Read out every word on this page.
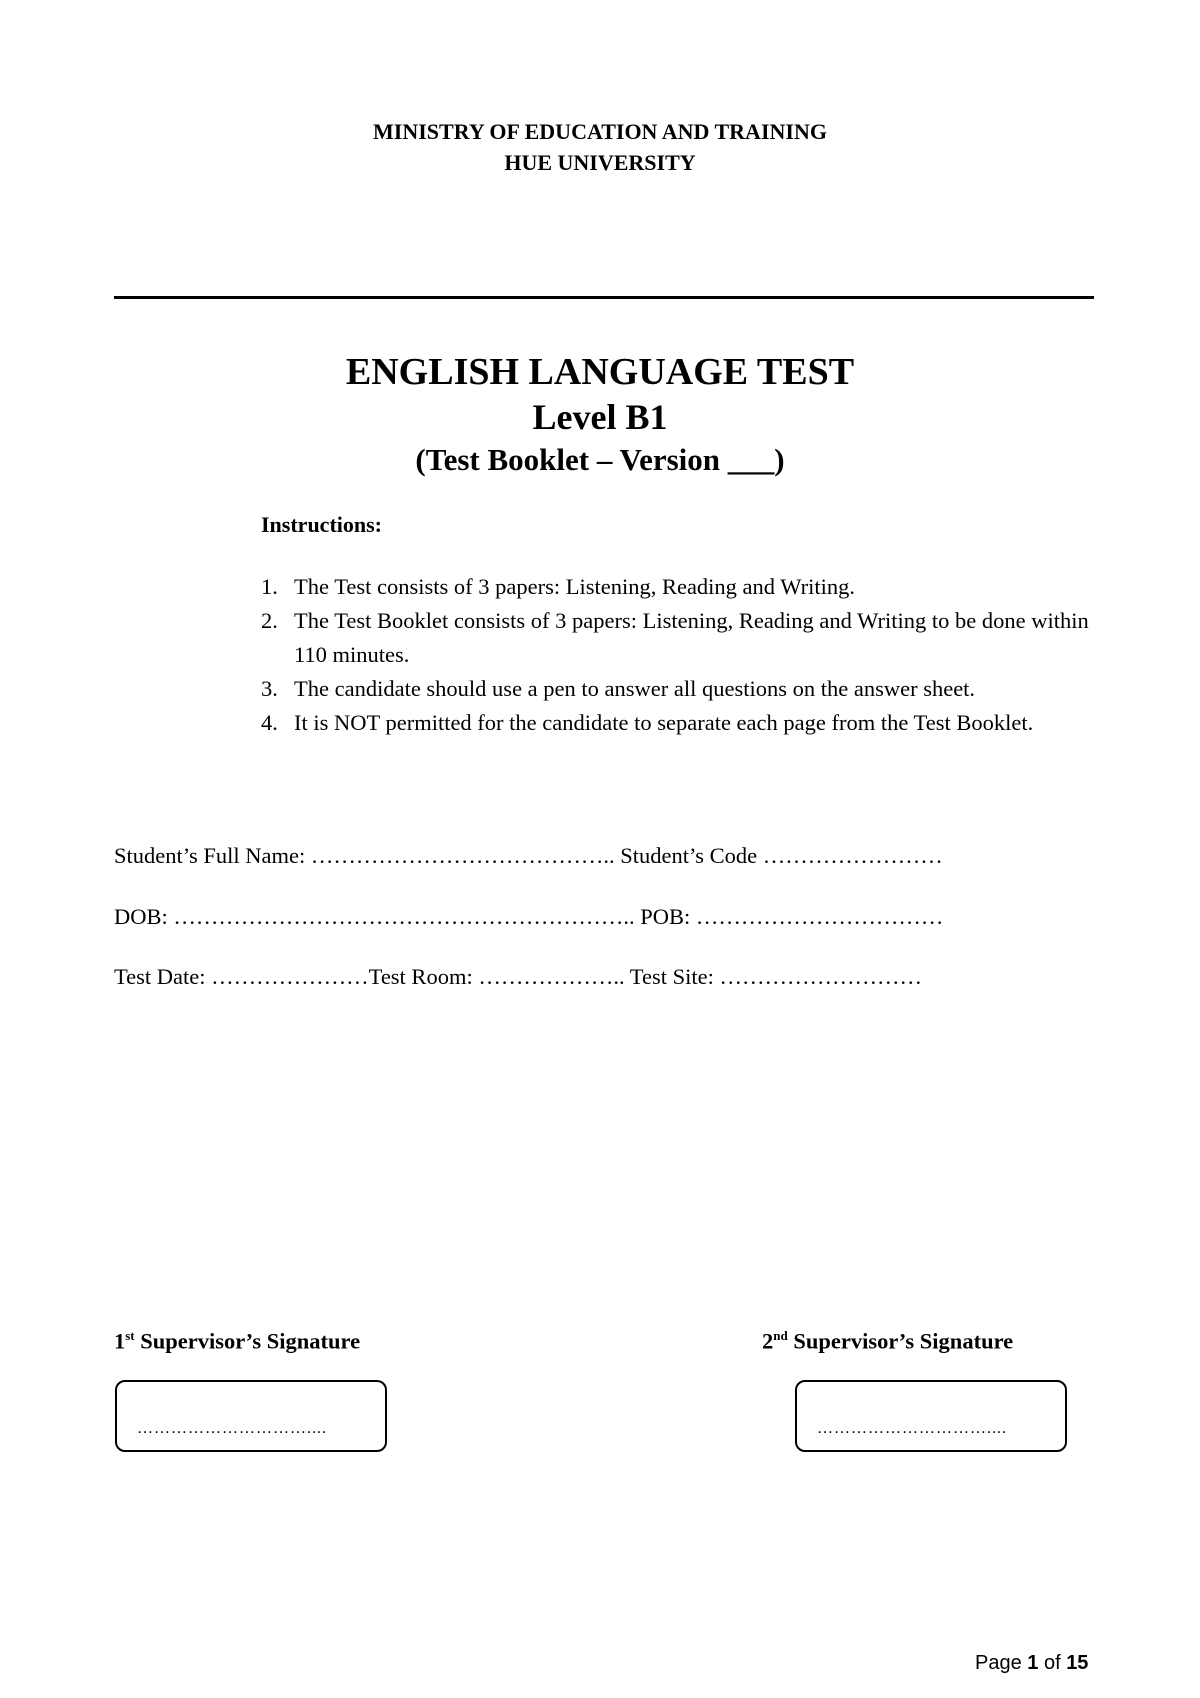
MINISTRY OF EDUCATION AND TRAINING
HUE UNIVERSITY
ENGLISH LANGUAGE TEST
Level B1
(Test Booklet – Version ___)
Instructions:
1. The Test consists of 3 papers: Listening, Reading and Writing.
2. The Test Booklet consists of 3 papers: Listening, Reading and Writing to be done within 110 minutes.
3. The candidate should use a pen to answer all questions on the answer sheet.
4. It is NOT permitted for the candidate to separate each page from the Test Booklet.
Student’s Full Name: ………………………………….. Student’s Code ……………………
DOB: …………………………………………………….. POB: ……………………………
Test Date: …………………Test Room: ……………….. Test Site: ………………………
1st Supervisor’s Signature	2nd Supervisor’s Signature
…………………………....	…………………………....
Page 1 of 15
